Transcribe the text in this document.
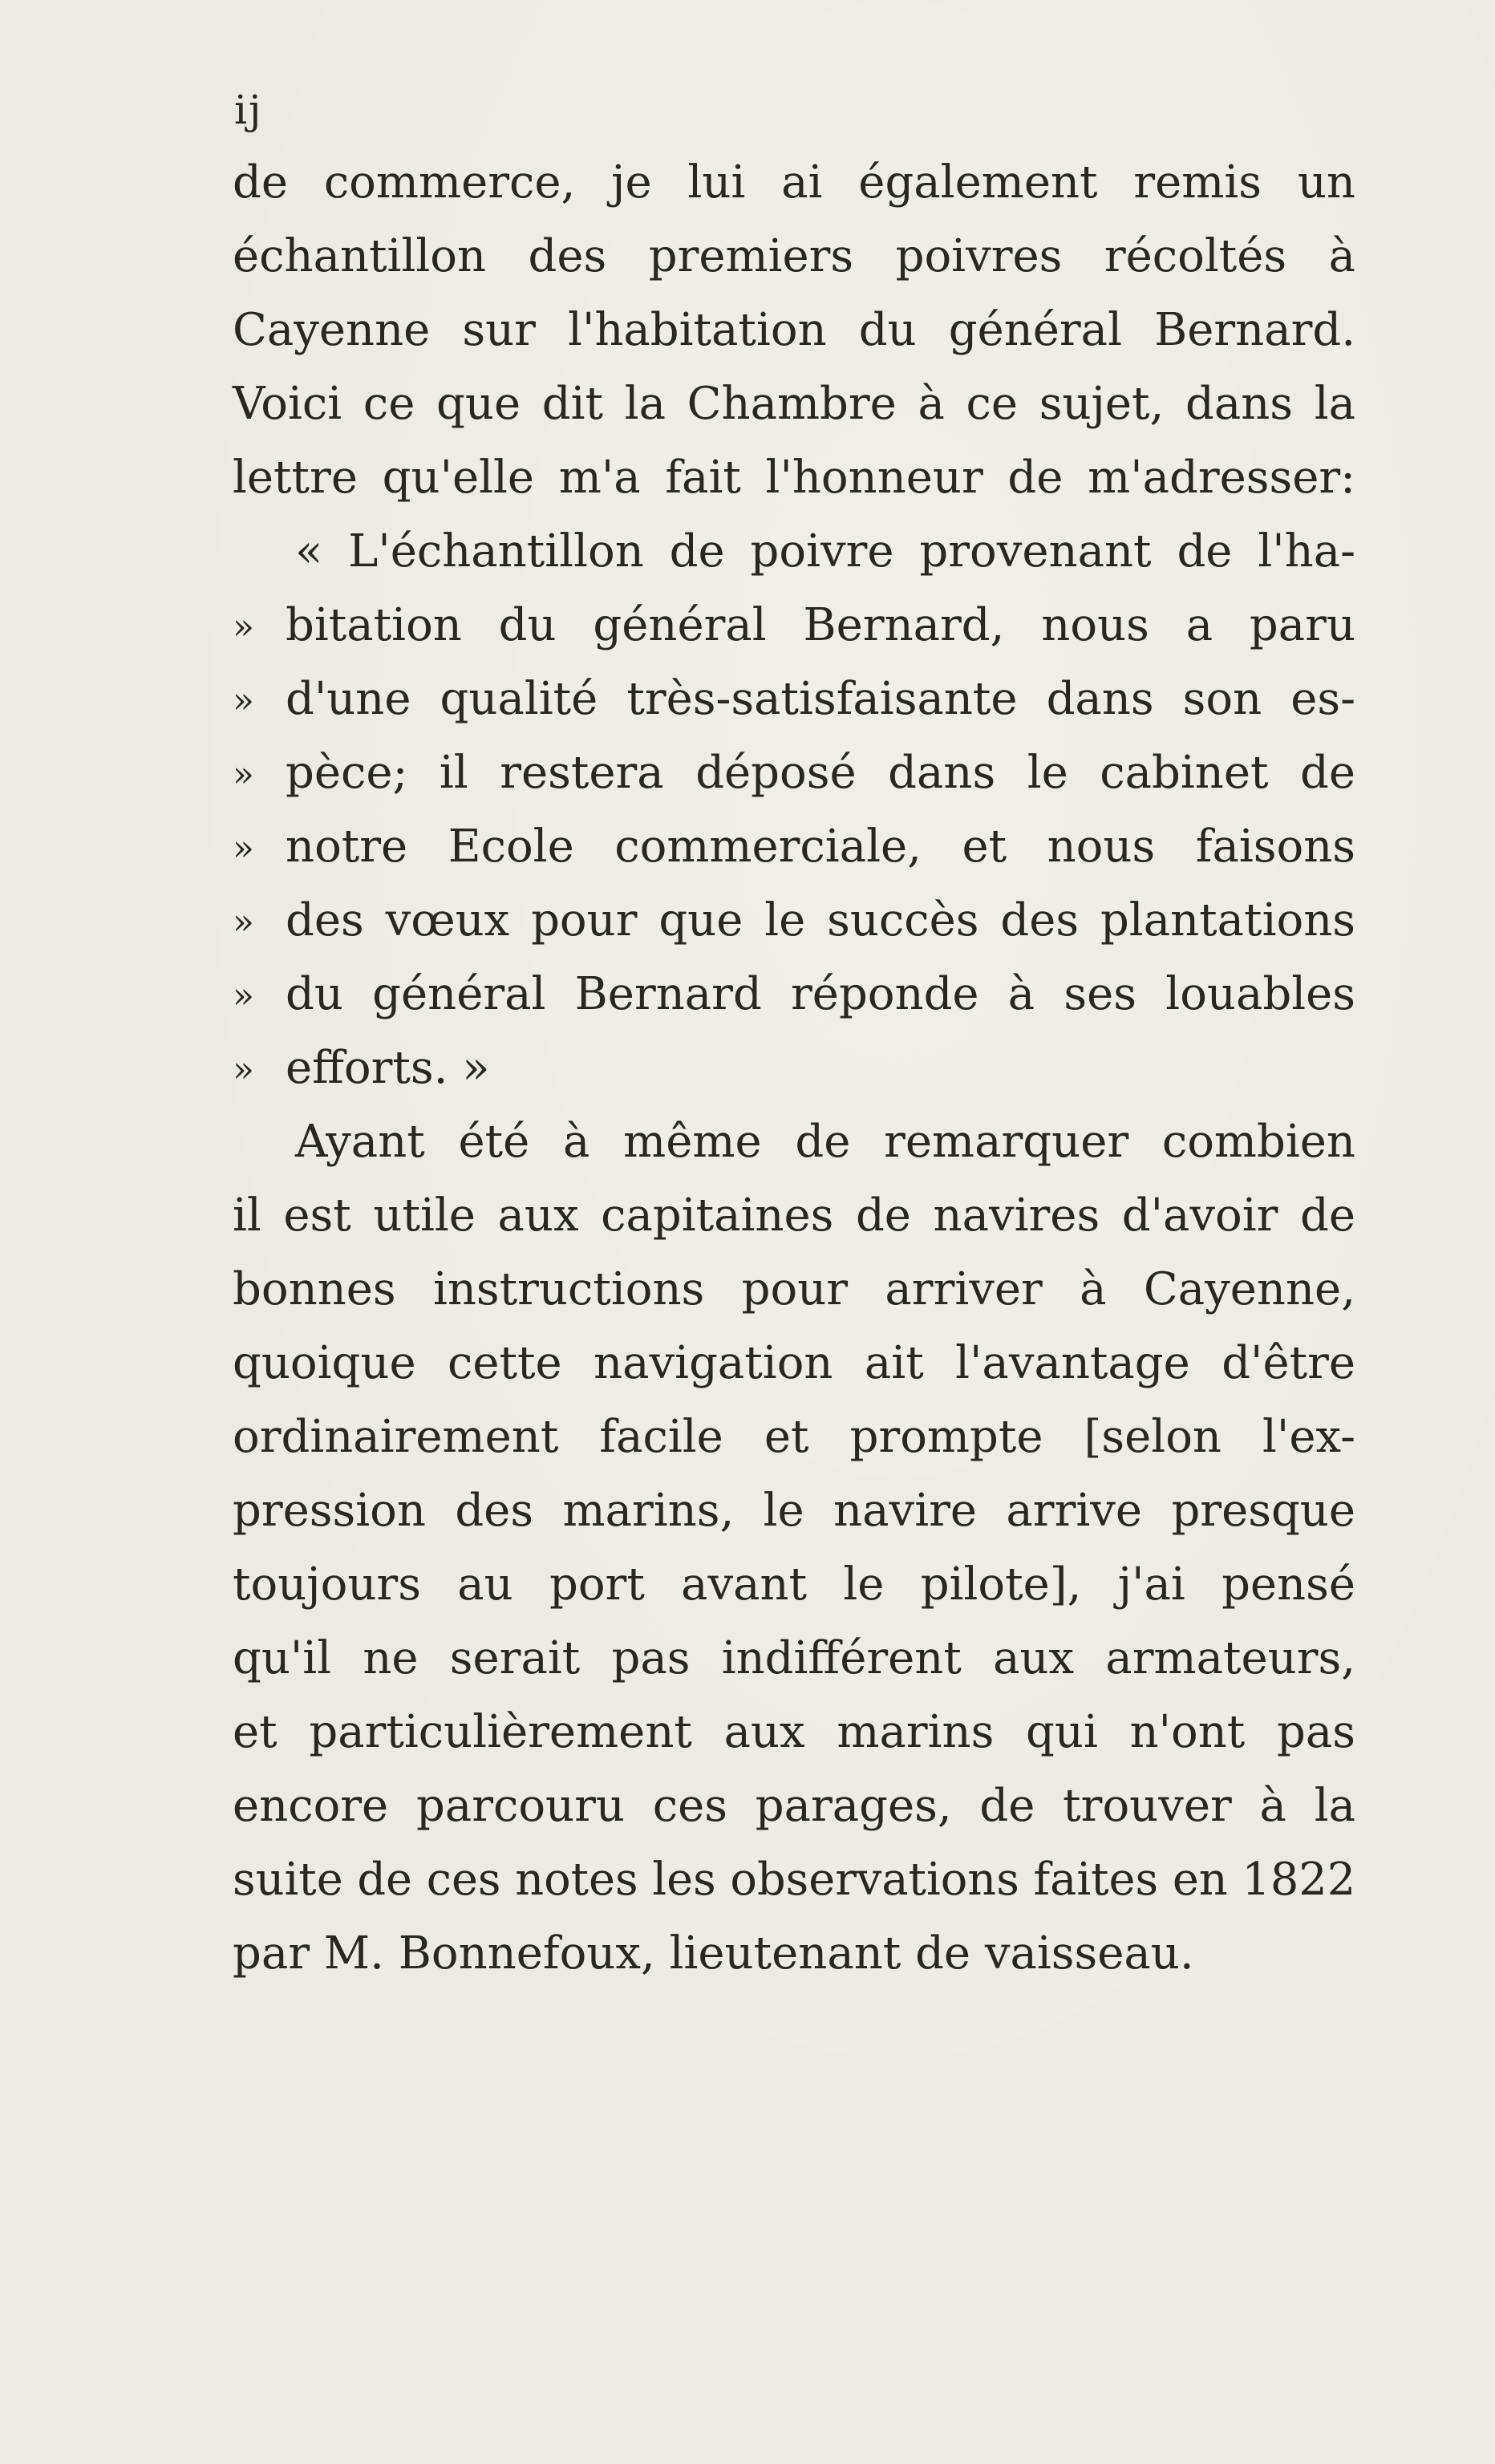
ij
de commerce, je lui ai également remis un
échantillon des premiers poivres récoltés à
Cayenne sur l'habitation du général Bernard.
Voici ce que dit la Chambre à ce sujet, dans la
lettre qu'elle m'a fait l'honneur de m'adresser:
« L'échantillon de poivre provenant de l'ha-
» bitation du général Bernard, nous a paru
» d'une qualité très-satisfaisante dans son es-
» pèce; il restera déposé dans le cabinet de
» notre Ecole commerciale, et nous faisons
» des vœux pour que le succès des plantations
» du général Bernard réponde à ses louables
» efforts. »
Ayant été à même de remarquer combien
il est utile aux capitaines de navires d'avoir de
bonnes instructions pour arriver à Cayenne,
quoique cette navigation ait l'avantage d'être
ordinairement facile et prompte [selon l'ex-
pression des marins, le navire arrive presque
toujours au port avant le pilote], j'ai pensé
qu'il ne serait pas indifférent aux armateurs,
et particulièrement aux marins qui n'ont pas
encore parcouru ces parages, de trouver à la
suite de ces notes les observations faites en 1822
par M. Bonnefoux, lieutenant de vaisseau.
